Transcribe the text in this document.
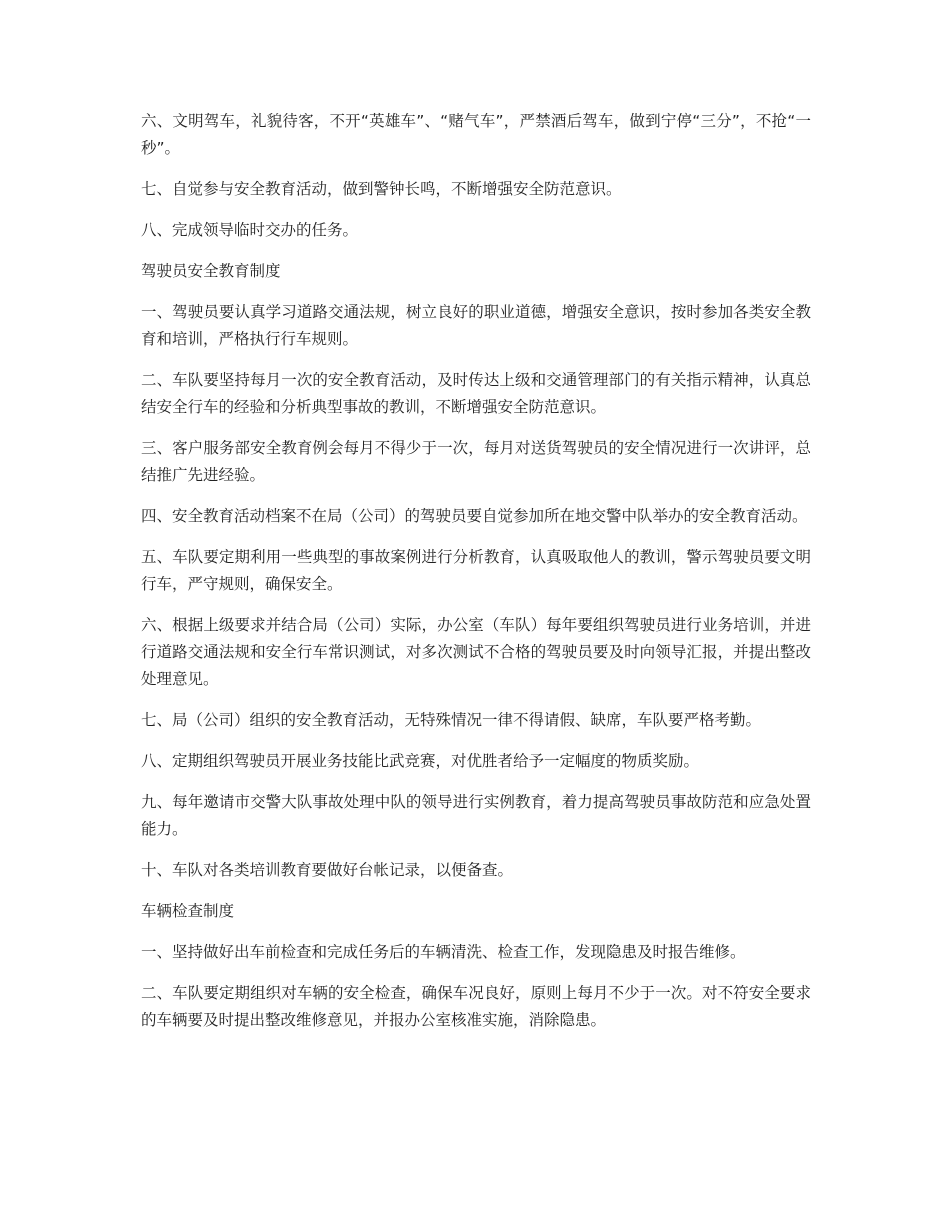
六、文明驾车，礼貌待客，不开“英雄车”、“赌气车”，严禁酒后驾车，做到宁停“三分”，不抢“一秒”。

七、自觉参与安全教育活动，做到警钟长鸣，不断增强安全防范意识。

八、完成领导临时交办的任务。

驾驶员安全教育制度

一、驾驶员要认真学习道路交通法规，树立良好的职业道德，增强安全意识，按时参加各类安全教育和培训，严格执行行车规则。

二、车队要坚持每月一次的安全教育活动，及时传达上级和交通管理部门的有关指示精神，认真总结安全行车的经验和分析典型事故的教训，不断增强安全防范意识。

三、客户服务部安全教育例会每月不得少于一次，每月对送货驾驶员的安全情况进行一次讲评，总结推广先进经验。

四、安全教育活动档案不在局（公司）的驾驶员要自觉参加所在地交警中队举办的安全教育活动。

五、车队要定期利用一些典型的事故案例进行分析教育，认真吸取他人的教训，警示驾驶员要文明行车，严守规则，确保安全。

六、根据上级要求并结合局（公司）实际，办公室（车队）每年要组织驾驶员进行业务培训，并进行道路交通法规和安全行车常识测试，对多次测试不合格的驾驶员要及时向领导汇报，并提出整改处理意见。

七、局（公司）组织的安全教育活动，无特殊情况一律不得请假、缺席，车队要严格考勤。

八、定期组织驾驶员开展业务技能比武竞赛，对优胜者给予一定幅度的物质奖励。

九、每年邀请市交警大队事故处理中队的领导进行实例教育，着力提高驾驶员事故防范和应急处置能力。

十、车队对各类培训教育要做好台帐记录，以便备查。

车辆检查制度

一、坚持做好出车前检查和完成任务后的车辆清洗、检查工作，发现隐患及时报告维修。

二、车队要定期组织对车辆的安全检查，确保车况良好，原则上每月不少于一次。对不符安全要求的车辆要及时提出整改维修意见，并报办公室核准实施，消除隐患。
